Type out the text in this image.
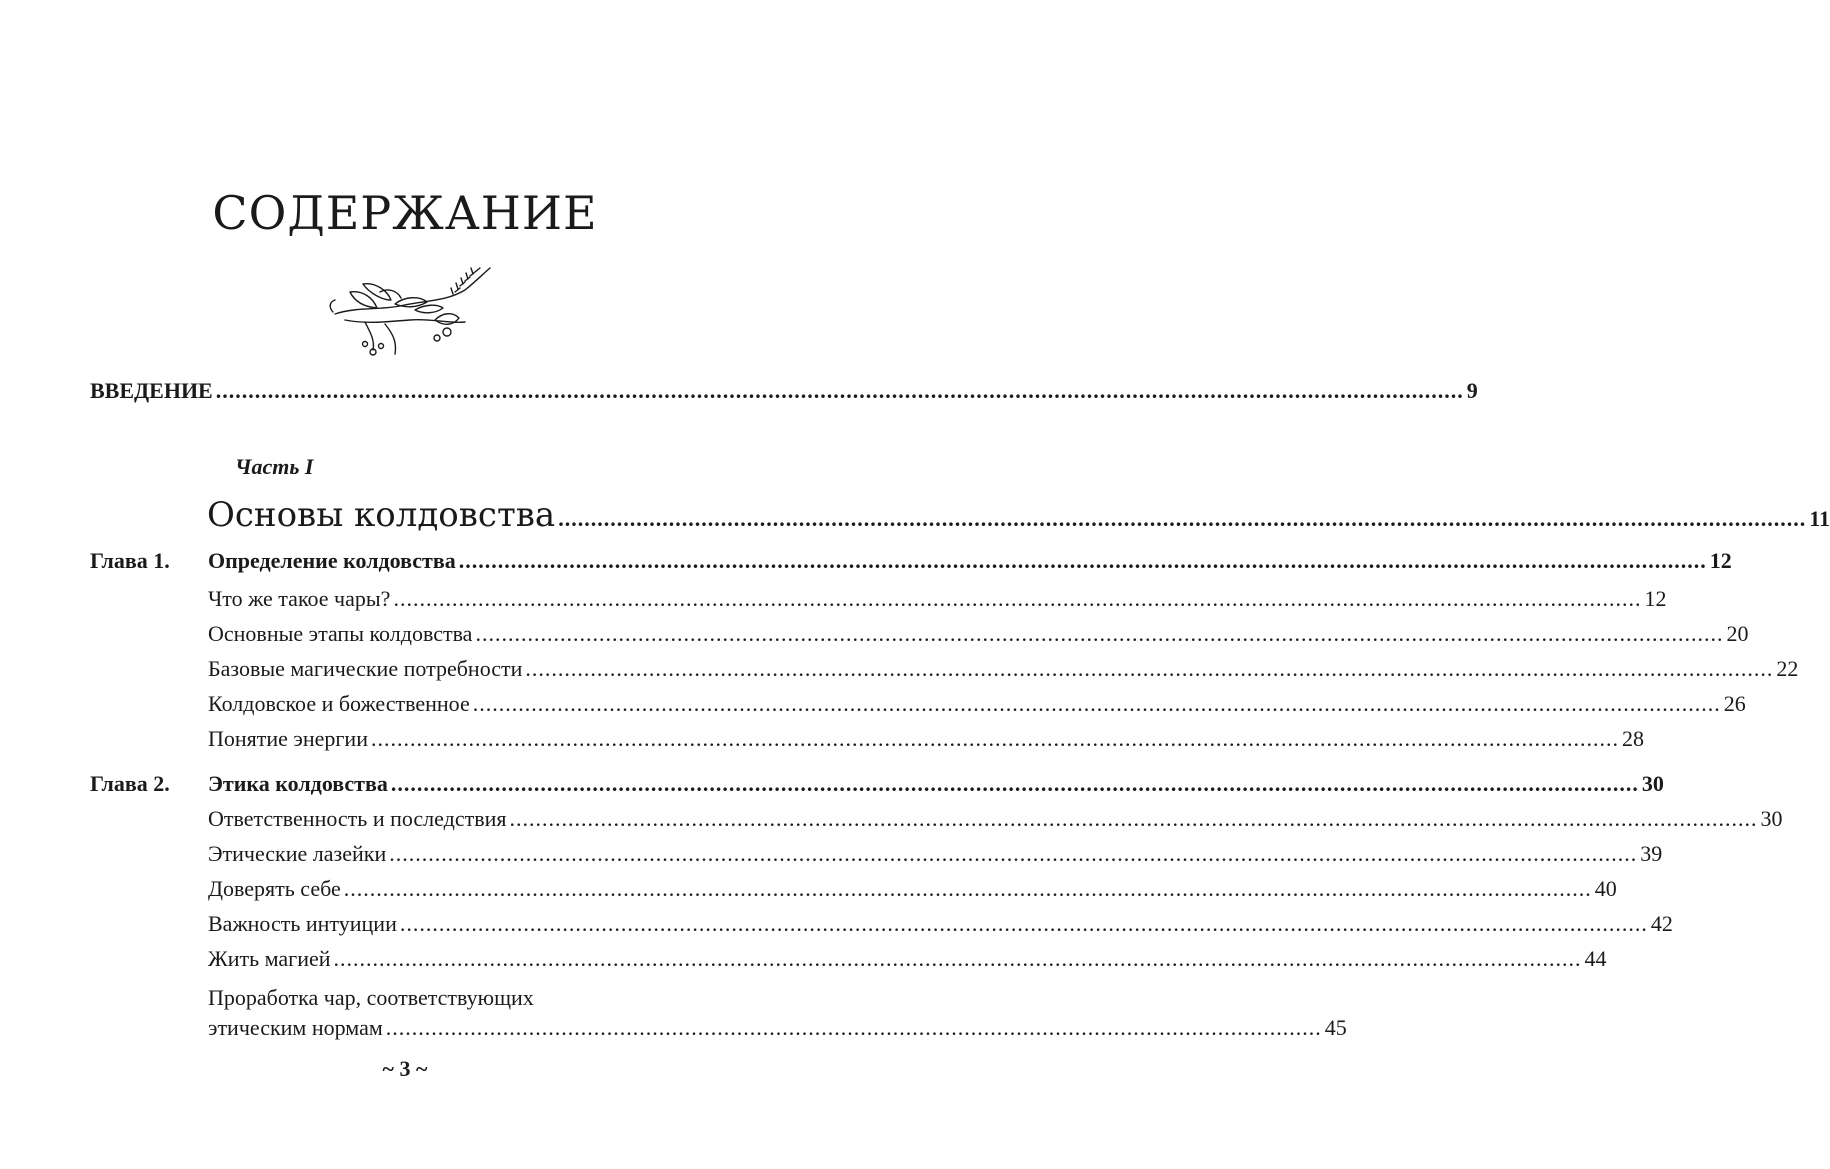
СОДЕРЖАНИЕ
ВВЕДЕНИЕ .....	9
Часть I
Основы колдовства .....	11
Глава 1. Определение колдовства .....	12
Что же такое чары? .....	12
Основные этапы колдовства .....	20
Базовые магические потребности .....	22
Колдовское и божественное .....	26
Понятие энергии .....	28
Глава 2. Этика колдовства .....	30
Ответственность и последствия .....	30
Этические лазейки .....	39
Доверять себе .....	40
Важность интуиции .....	42
Жить магией .....	44
Проработка чар, соответствующих
этическим нормам ................................................................................................................................................ 45
~ 3 ~
